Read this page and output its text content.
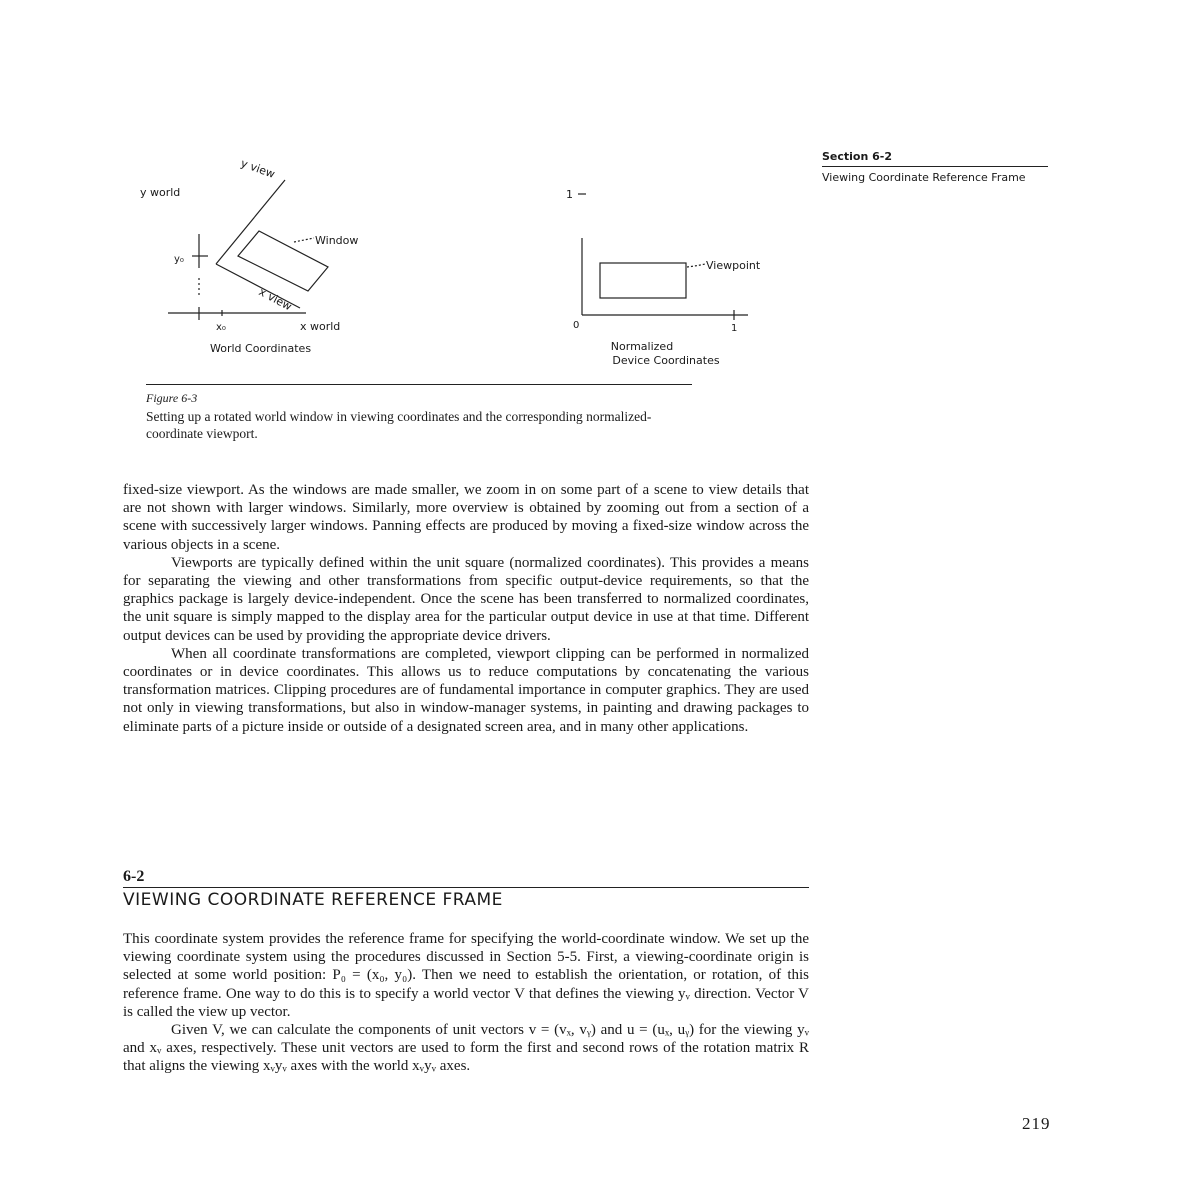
Section 6-2
Viewing Coordinate Reference Frame
y world
y view
Window
y₀
x view
x₀	x world
World Coordinates
1
Viewpoint
0	1
Normalized
Device Coordinates
Figure 6-3
Setting up a rotated world window in viewing coordinates and the corresponding normalized-coordinate viewport.

fixed-size viewport. As the windows are made smaller, we zoom in on some part of a scene to view details that are not shown with larger windows. Similarly, more overview is obtained by zooming out from a section of a scene with successively larger windows. Panning effects are produced by moving a fixed-size window across the various objects in a scene.

Viewports are typically defined within the unit square (normalized coordinates). This provides a means for separating the viewing and other transformations from specific output-device requirements, so that the graphics package is largely device-independent. Once the scene has been transferred to normalized coordinates, the unit square is simply mapped to the display area for the particular output device in use at that time. Different output devices can be used by providing the appropriate device drivers.

When all coordinate transformations are completed, viewport clipping can be performed in normalized coordinates or in device coordinates. This allows us to reduce computations by concatenating the various transformation matrices. Clipping procedures are of fundamental importance in computer graphics. They are used not only in viewing transformations, but also in window-manager systems, in painting and drawing packages to eliminate parts of a picture inside or outside of a designated screen area, and in many other applications.

6-2
VIEWING COORDINATE REFERENCE FRAME

This coordinate system provides the reference frame for specifying the world-coordinate window. We set up the viewing coordinate system using the procedures discussed in Section 5-5. First, a viewing-coordinate origin is selected at some world position: P₀ = (x₀, y₀). Then we need to establish the orientation, or rotation, of this reference frame. One way to do this is to specify a world vector V that defines the viewing yᵥ direction. Vector V is called the view up vector.

Given V, we can calculate the components of unit vectors v = (vₓ, vᵧ) and u = (uₓ, uᵧ) for the viewing yᵥ and xᵥ axes, respectively. These unit vectors are used to form the first and second rows of the rotation matrix R that aligns the viewing xᵥyᵥ axes with the world xᵥyᵥ axes.

219
